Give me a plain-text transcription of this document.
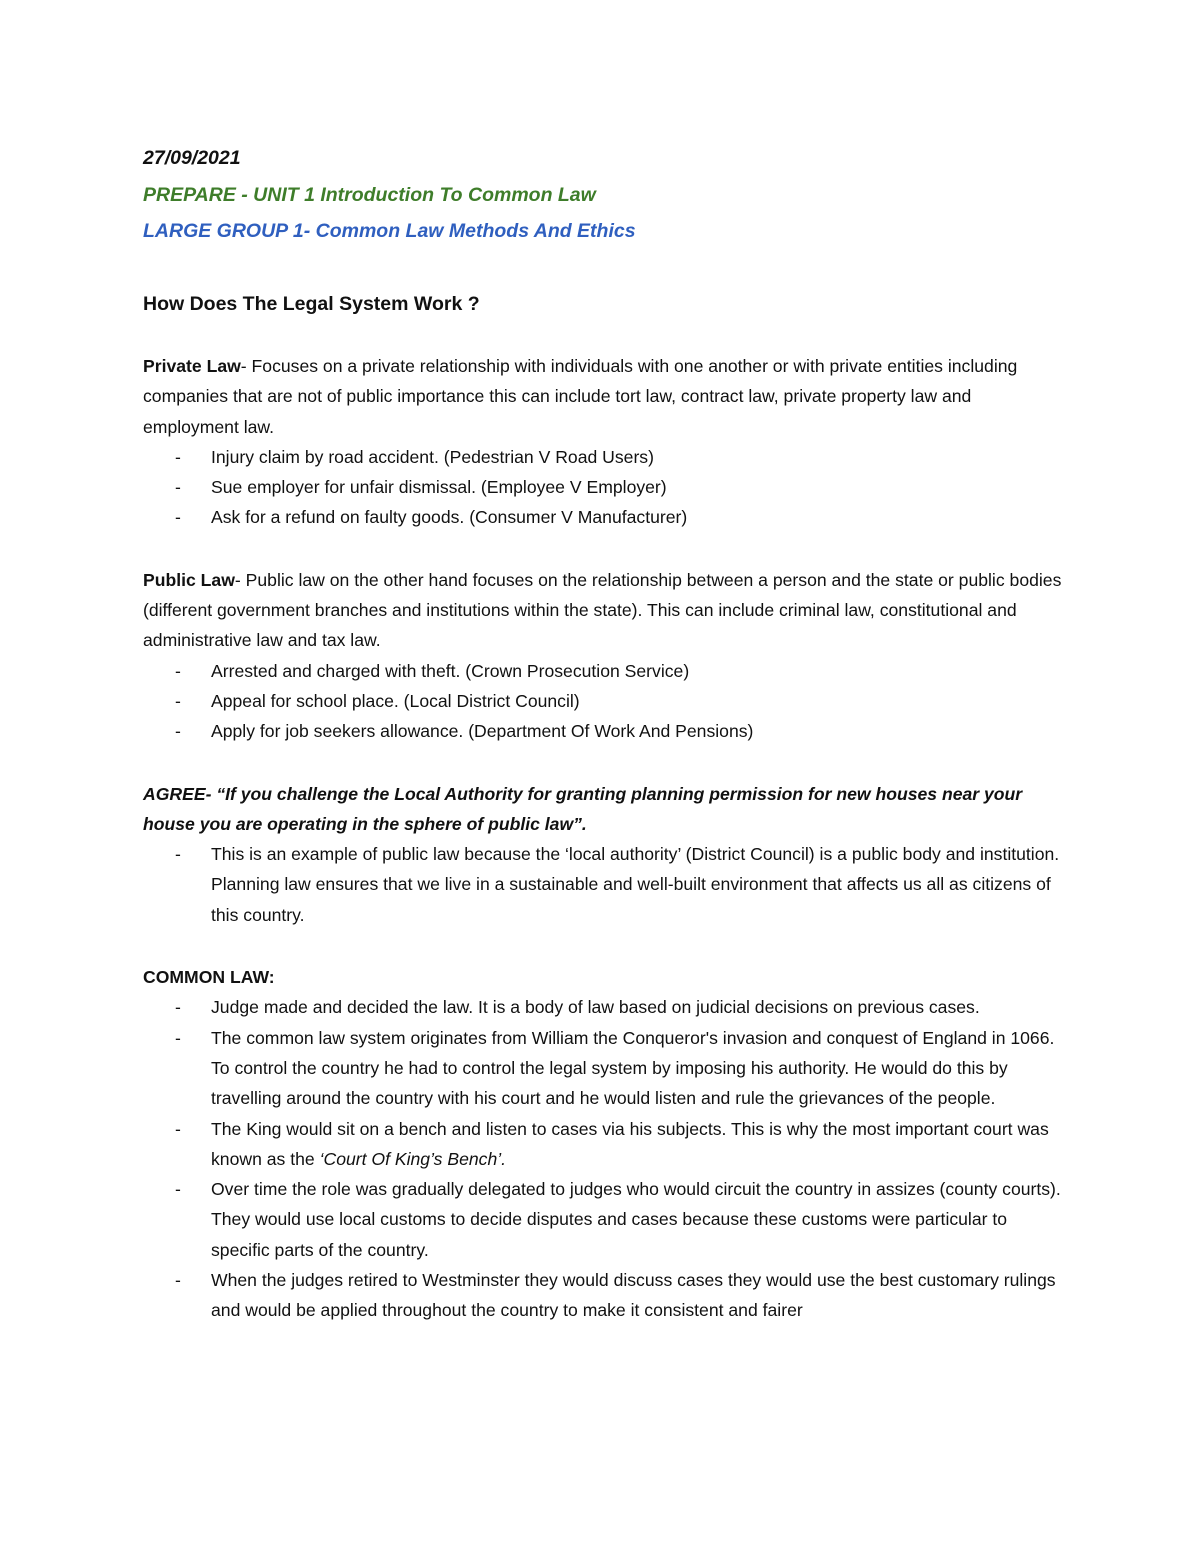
27/09/2021
PREPARE - UNIT 1 Introduction To Common Law
LARGE GROUP 1- Common Law Methods And Ethics
How Does The Legal System Work ?

Private Law- Focuses on a private relationship with individuals with one another or with private entities including companies that are not of public importance this can include tort law, contract law, private property law and employment law.

- Injury claim by road accident. (Pedestrian V Road Users)
- Sue employer for unfair dismissal. (Employee V Employer)
- Ask for a refund on faulty goods. (Consumer V Manufacturer)

Public Law- Public law on the other hand focuses on the relationship between a person and the state or public bodies (different government branches and institutions within the state). This can include criminal law, constitutional and administrative law and tax law.

- Arrested and charged with theft. (Crown Prosecution Service)
- Appeal for school place. (Local District Council)
- Apply for job seekers allowance. (Department Of Work And Pensions)

AGREE- “If you challenge the Local Authority for granting planning permission for new houses near your house you are operating in the sphere of public law”.

- This is an example of public law because the ‘local authority’ (District Council) is a public body and institution. Planning law ensures that we live in a sustainable and well-built environment that affects us all as citizens of this country.

COMMON LAW:

- Judge made and decided the law. It is a body of law based on judicial decisions on previous cases.
- The common law system originates from William the Conqueror's invasion and conquest of England in 1066. To control the country he had to control the legal system by imposing his authority. He would do this by travelling around the country with his court and he would listen and rule the grievances of the people.
- The King would sit on a bench and listen to cases via his subjects. This is why the most important court was known as the ‘Court Of King’s Bench’.
- Over time the role was gradually delegated to judges who would circuit the country in assizes (county courts). They would use local customs to decide disputes and cases because these customs were particular to specific parts of the country.
- When the judges retired to Westminster they would discuss cases they would use the best customary rulings and would be applied throughout the country to make it consistent and fairer
